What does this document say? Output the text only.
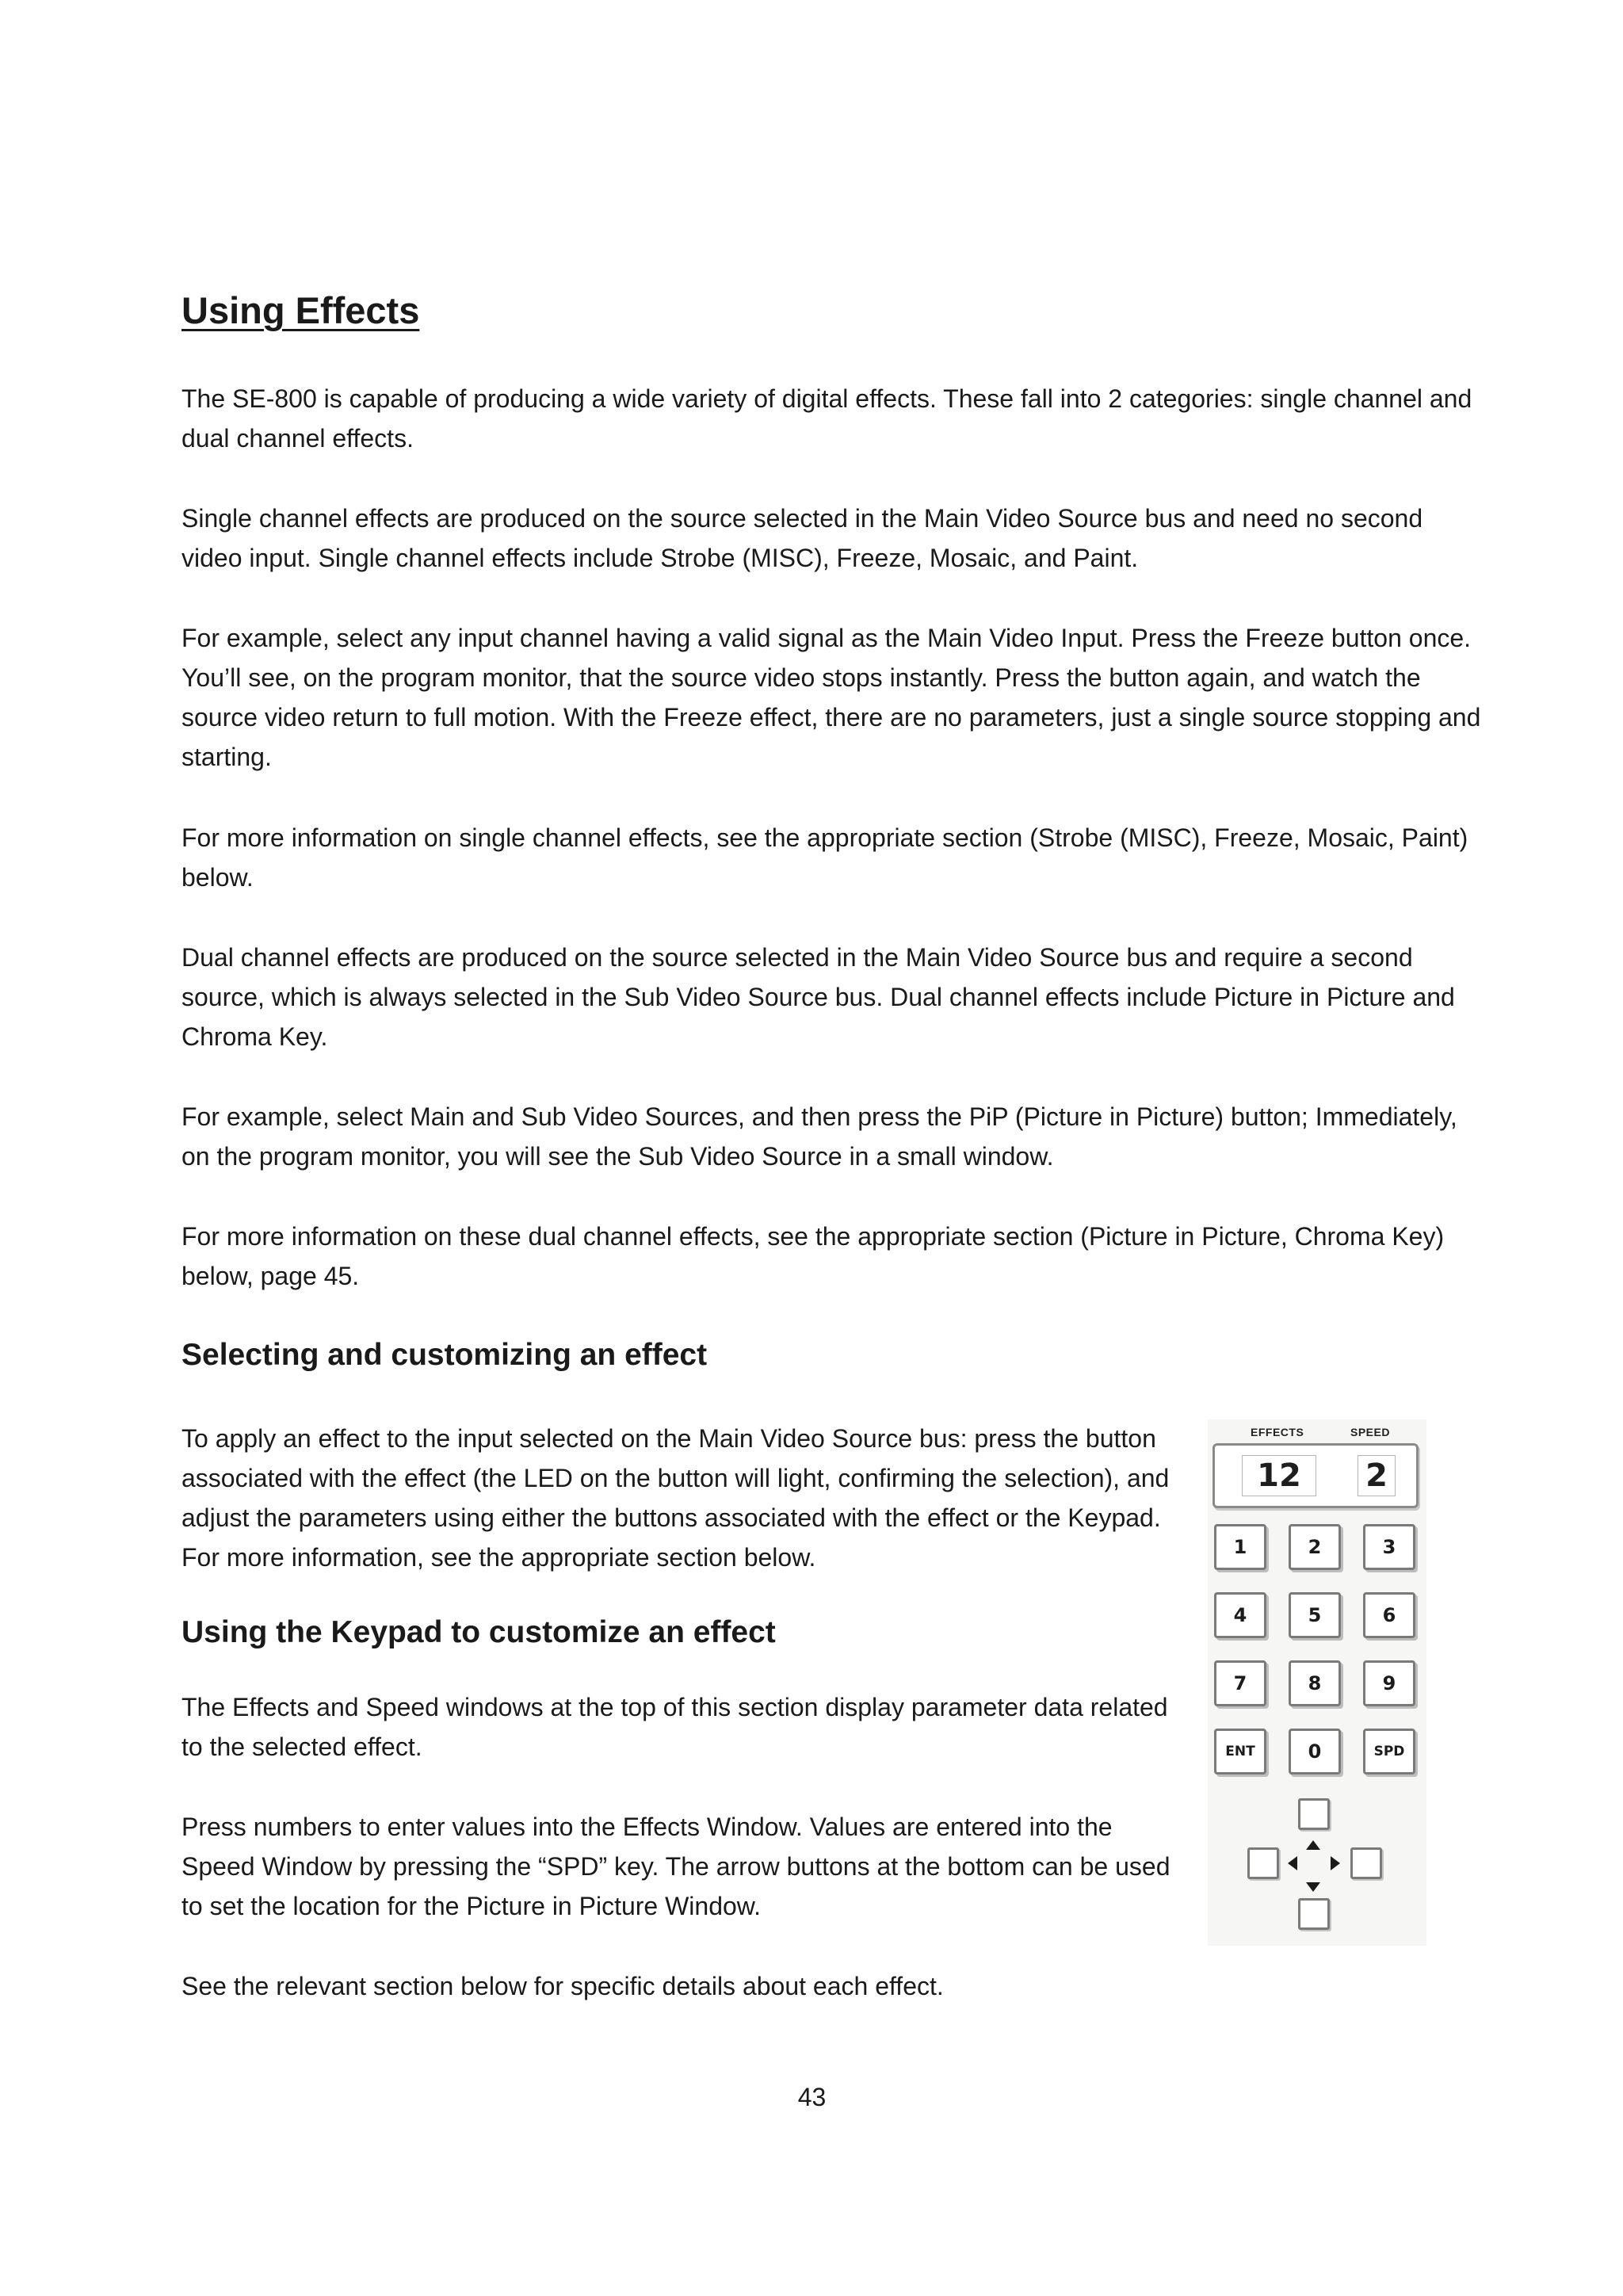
Using Effects

The SE-800 is capable of producing a wide variety of digital effects. These fall into 2 categories: single channel and dual channel effects.

Single channel effects are produced on the source selected in the Main Video Source bus and need no second video input. Single channel effects include Strobe (MISC), Freeze, Mosaic, and Paint.

For example, select any input channel having a valid signal as the Main Video Input. Press the Freeze button once. You’ll see, on the program monitor, that the source video stops instantly. Press the button again, and watch the source video return to full motion. With the Freeze effect, there are no parameters, just a single source stopping and starting.

For more information on single channel effects, see the appropriate section (Strobe (MISC), Freeze, Mosaic, Paint) below.

Dual channel effects are produced on the source selected in the Main Video Source bus and require a second source, which is always selected in the Sub Video Source bus. Dual channel effects include Picture in Picture and Chroma Key.

For example, select Main and Sub Video Sources, and then press the PiP (Picture in Picture) button; Immediately, on the program monitor, you will see the Sub Video Source in a small window.

For more information on these dual channel effects, see the appropriate section (Picture in Picture, Chroma Key) below, page 45.

Selecting and customizing an effect

To apply an effect to the input selected on the Main Video Source bus: press the button associated with the effect (the LED on the button will light, confirming the selection), and adjust the parameters using either the buttons associated with the effect or the Keypad. For more information, see the appropriate section below.

Using the Keypad to customize an effect

The Effects and Speed windows at the top of this section display parameter data related to the selected effect.

Press numbers to enter values into the Effects Window. Values are entered into the Speed Window by pressing the “SPD” key. The arrow buttons at the bottom can be used to set the location for the Picture in Picture Window.

See the relevant section below for specific details about each effect.

43
EFFECTS	SPEED
12	2
1	2	3
4	5	6
7	8	9
ENT	0	SPD
